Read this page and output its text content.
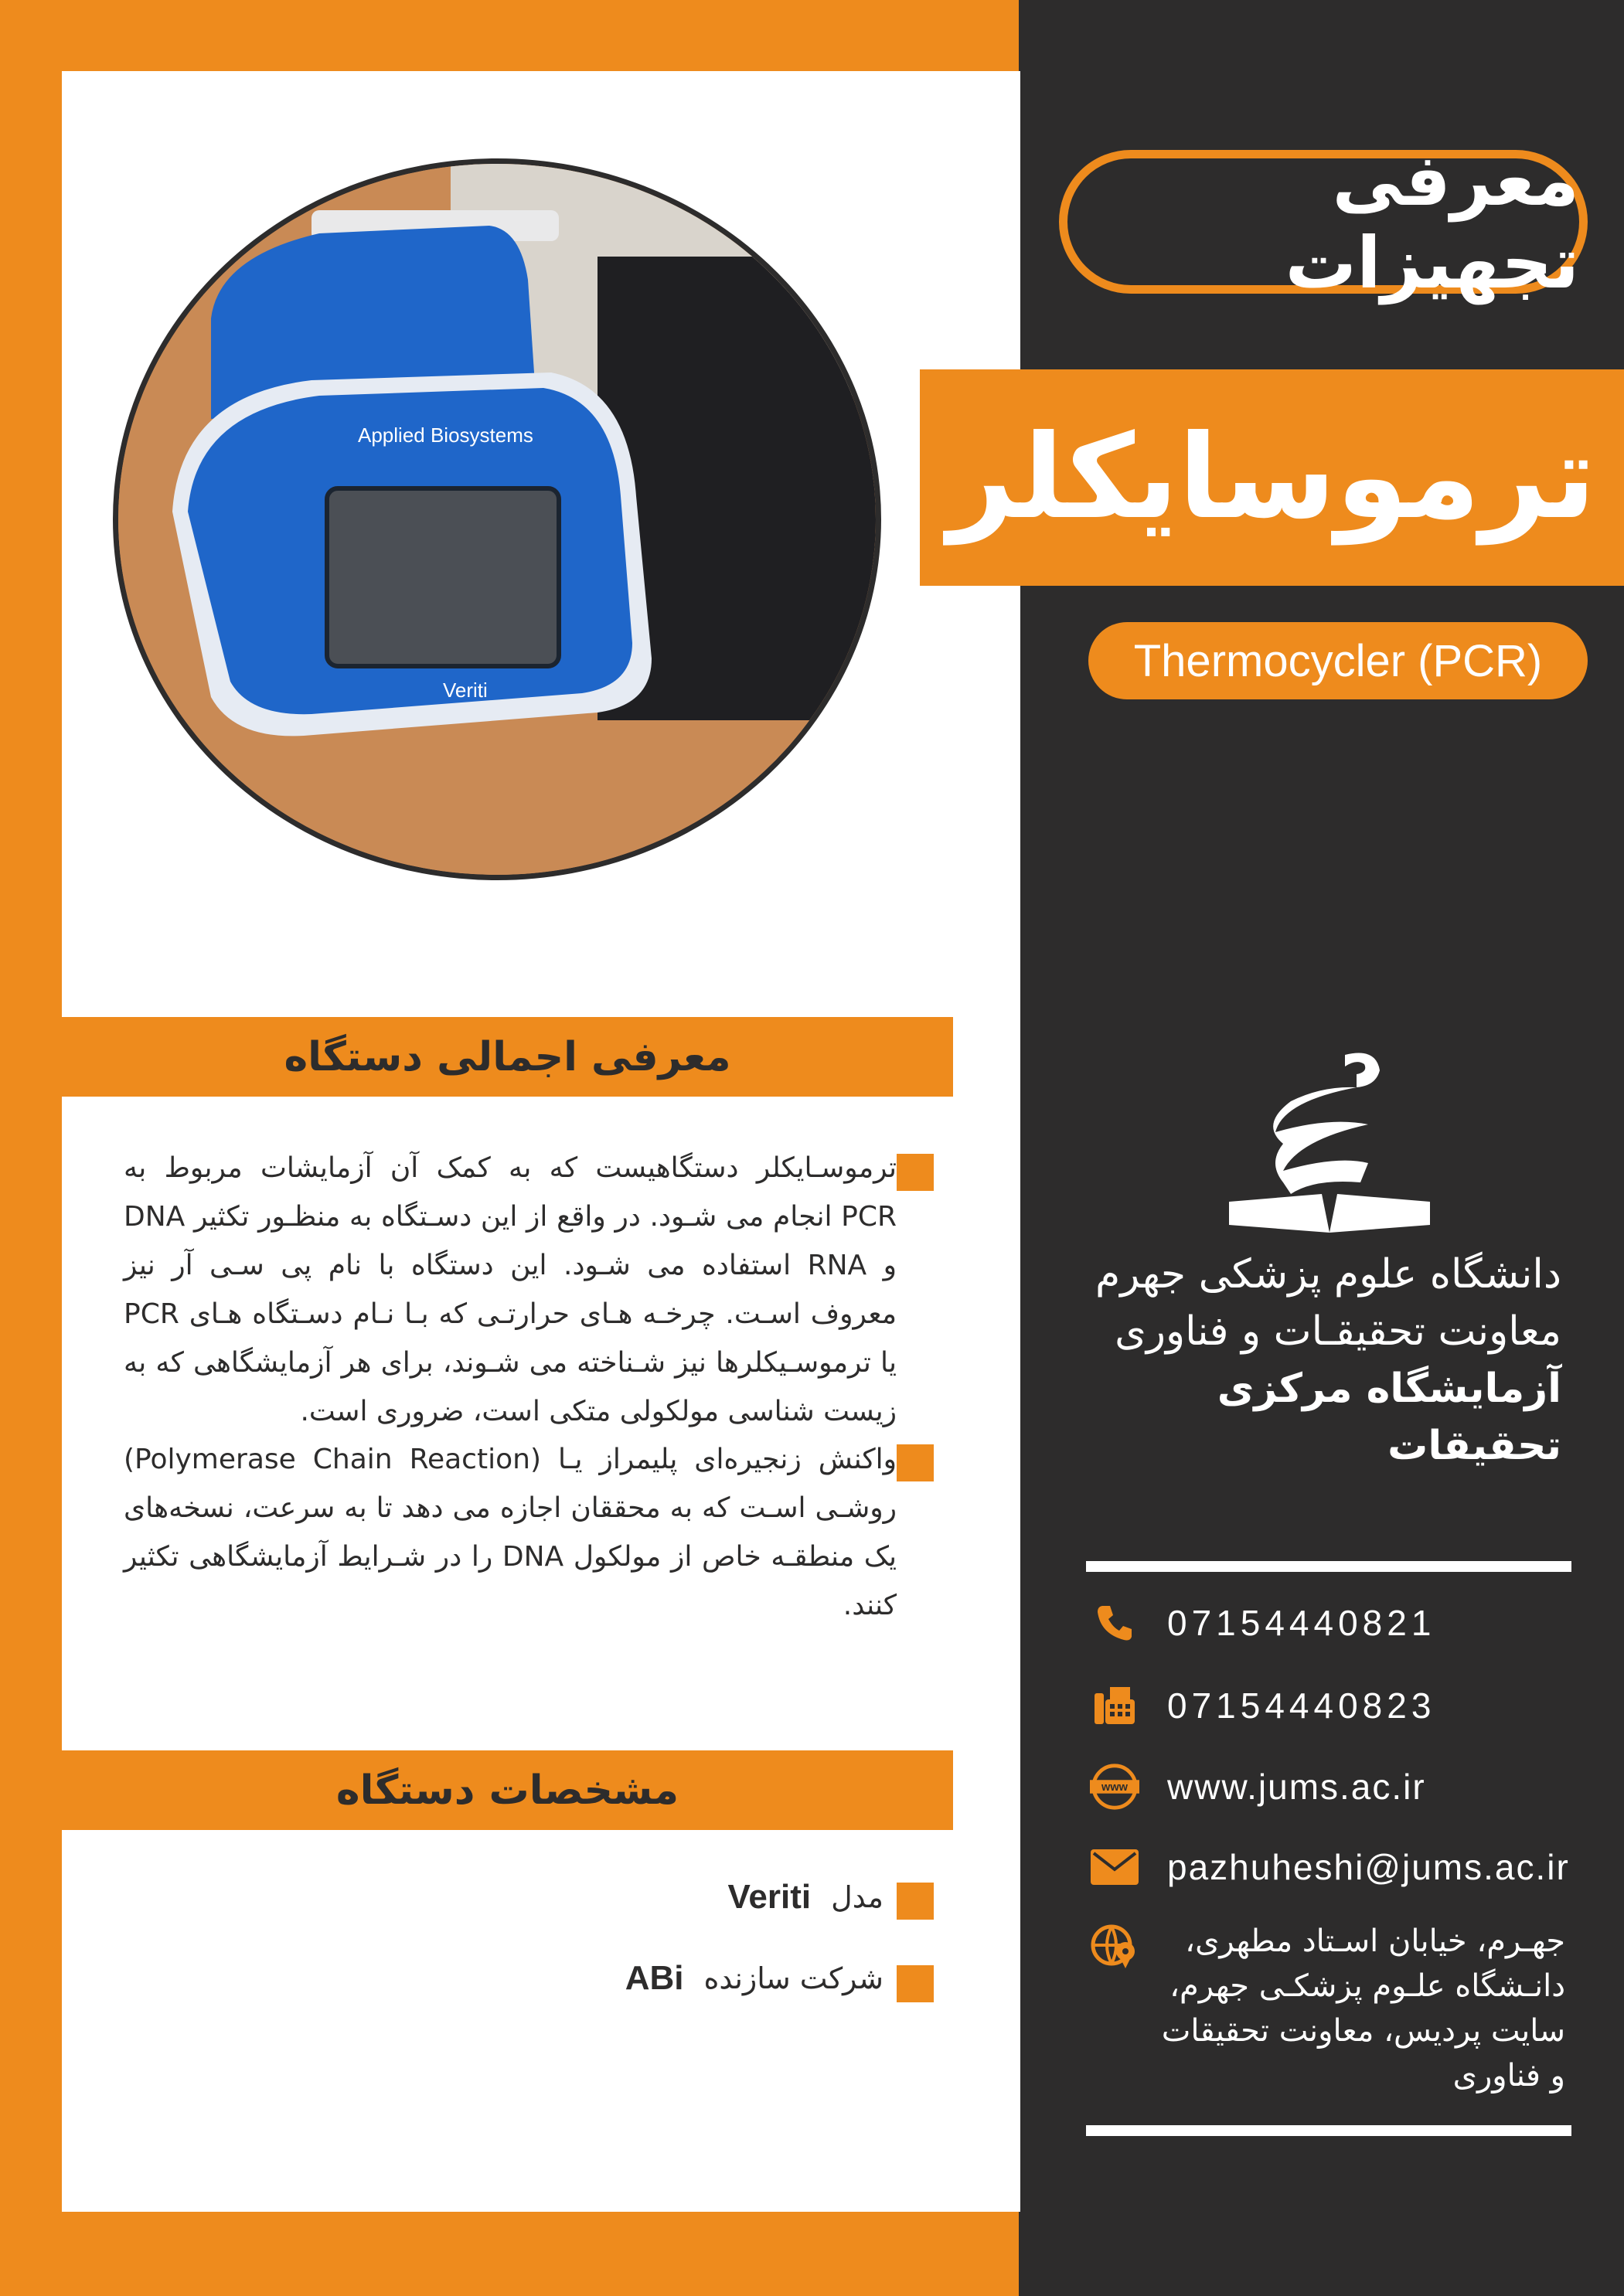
معرفی تجهیزات
ترموسایکلر
Thermocycler (PCR)
Applied Biosystems
Veriti
معرفی اجمالی دستگاه
ترموسـایکلر دستگاهیست که به کمک آن آزمایشات مربوط به PCR انجام می شـود. در واقع از این دسـتگاه به منظـور تکثیر DNA و RNA استفاده می شـود. این دستگاه با نام پی سـی آر نیز معروف اسـت. چرخـه هـای حرارتـی که بـا نـام دسـتگاه هـای PCR یا ترموسـیکلرها نیز شـناخته می شـوند، برای هر آزمایشگاهی که به زیست شناسی مولکولی متکی است، ضروری است.
واکنش زنجیره‌ای پلیمراز یـا (Polymerase Chain Reaction) روشـی اسـت که به محققان اجازه می دهد تا به سرعت، نسخه‌های یک منطقـه خاص از مولکول DNA را در شـرایط آزمایشگاهی تکثیر کنند.
مشخصات دستگاه
مدل
Veriti
شرکت سازنده
ABi
دانشگاه علوم پزشکی جهرم
معاونت تحقیقـات و فناوری
آزمایشگاه مرکزی تحقیقات
07154440821
07154440823
www www.jums.ac.ir
pazhuheshi@jums.ac.ir
جهـرم، خیابان اسـتاد مطهری، دانـشگاه علـوم پزشکـی جهرم، سایت پردیس، معاونت تحقیقات و فناوری
